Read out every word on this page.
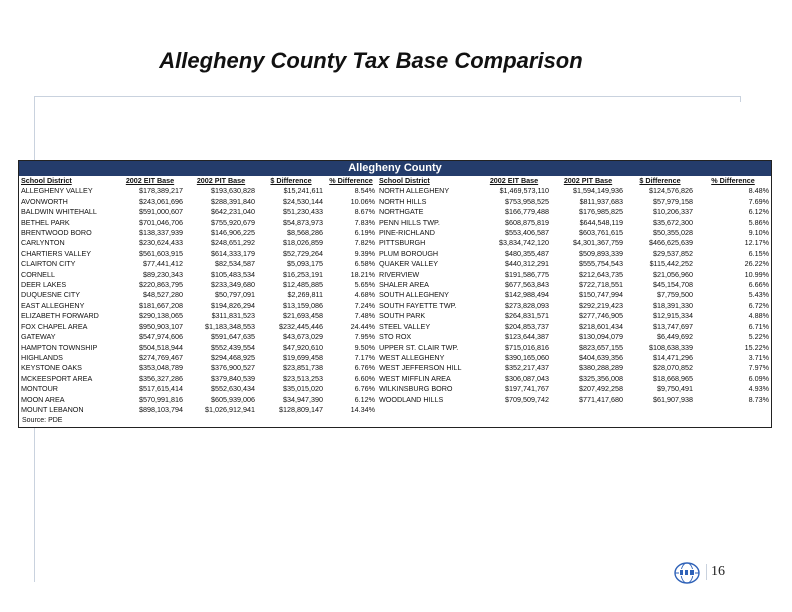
Allegheny County Tax Base Comparison
Allegheny County
School District	2002 EIT Base	2002 PIT Base	$ Difference	% Difference	School District	2002 EIT Base	2002 PIT Base	$ Difference	% Difference
ALLEGHENY VALLEY	$178,389,217	$193,630,828	$15,241,611	8.54%	NORTH ALLEGHENY	$1,469,573,110	$1,594,149,936	$124,576,826	8.48%
AVONWORTH	$243,061,696	$288,391,840	$24,530,144	10.06%	NORTH HILLS	$753,958,525	$811,937,683	$57,979,158	7.69%
BALDWIN WHITEHALL	$591,000,607	$642,231,040	$51,230,433	8.67%	NORTHGATE	$166,779,488	$176,985,825	$10,206,337	6.12%
BETHEL PARK	$701,046,706	$755,920,679	$54,873,973	7.83%	PENN HILLS TWP.	$608,875,819	$644,548,119	$35,672,300	5.86%
BRENTWOOD BORO	$138,337,939	$146,906,225	$8,568,286	6.19%	PINE-RICHLAND	$553,406,587	$603,761,615	$50,355,028	9.10%
CARLYNTON	$230,624,433	$248,651,292	$18,026,859	7.82%	PITTSBURGH	$3,834,742,120	$4,301,367,759	$466,625,639	12.17%
CHARTIERS VALLEY	$561,603,915	$614,333,179	$52,729,264	9.39%	PLUM BOROUGH	$480,355,487	$509,893,339	$29,537,852	6.15%
CLAIRTON CITY	$77,441,412	$82,534,587	$5,093,175	6.58%	QUAKER VALLEY	$440,312,291	$555,754,543	$115,442,252	26.22%
CORNELL	$89,230,343	$105,483,534	$16,253,191	18.21%	RIVERVIEW	$191,586,775	$212,643,735	$21,056,960	10.99%
DEER LAKES	$220,863,795	$233,349,680	$12,485,885	5.65%	SHALER AREA	$677,563,843	$722,718,551	$45,154,708	6.66%
DUQUESNE CITY	$48,527,280	$50,797,091	$2,269,811	4.68%	SOUTH ALLEGHENY	$142,988,494	$150,747,994	$7,759,500	5.43%
EAST ALLEGHENY	$181,667,208	$194,826,294	$13,159,086	7.24%	SOUTH FAYETTE TWP.	$273,828,093	$292,219,423	$18,391,330	6.72%
ELIZABETH FORWARD	$290,138,065	$311,831,523	$21,693,458	7.48%	SOUTH PARK	$264,831,571	$277,746,905	$12,915,334	4.88%
FOX CHAPEL AREA	$950,903,107	$1,183,348,553	$232,445,446	24.44%	STEEL VALLEY	$204,853,737	$218,601,434	$13,747,697	6.71%
GATEWAY	$547,974,606	$591,647,635	$43,673,029	7.95%	STO ROX	$123,644,387	$130,094,079	$6,449,692	5.22%
HAMPTON TOWNSHIP	$504,518,944	$552,439,554	$47,920,610	9.50%	UPPER ST. CLAIR TWP.	$715,016,816	$823,657,155	$108,638,339	15.22%
HIGHLANDS	$274,769,467	$294,468,925	$19,699,458	7.17%	WEST ALLEGHENY	$390,165,060	$404,639,356	$14,471,296	3.71%
KEYSTONE OAKS	$353,048,789	$376,900,527	$23,851,738	6.76%	WEST JEFFERSON HILL	$352,217,437	$380,288,289	$28,070,852	7.97%
MCKEESPORT AREA	$356,327,286	$379,840,539	$23,513,253	6.60%	WEST MIFFLIN AREA	$306,087,043	$325,356,008	$18,668,965	6.09%
MONTOUR	$517,615,414	$552,630,434	$35,015,020	6.76%	WILKINSBURG BORO	$197,741,767	$207,492,258	$9,750,491	4.93%
MOON AREA	$570,991,816	$605,939,006	$34,947,390	6.12%	WOODLAND HILLS	$709,509,742	$771,417,680	$61,907,938	8.73%
MOUNT LEBANON	$898,103,794	$1,026,912,941	$128,809,147	14.34%					
Source: PDE
16
